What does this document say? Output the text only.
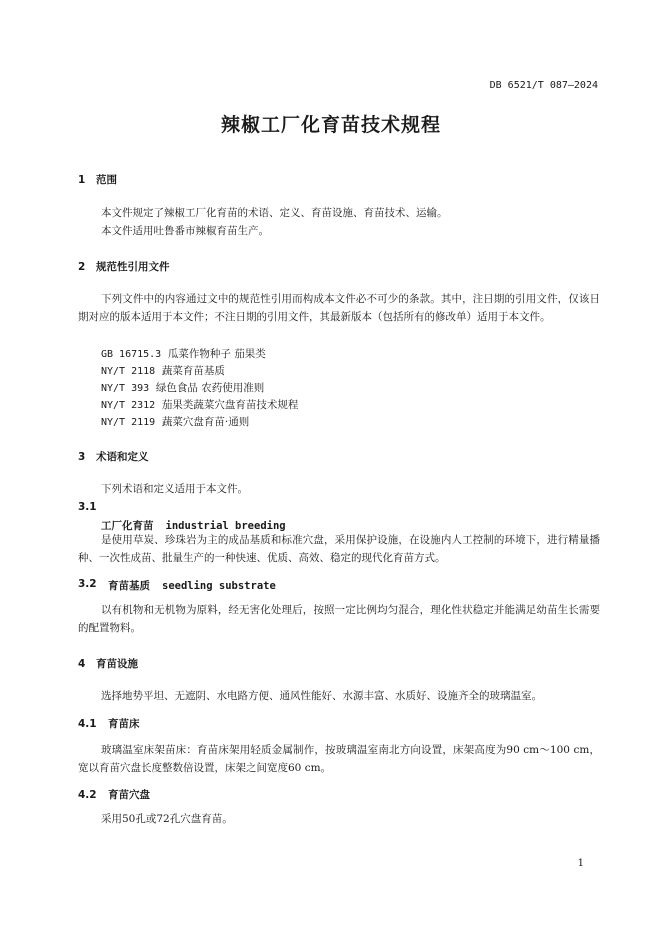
DB 6521/T 087—2024
辣椒工厂化育苗技术规程
1 范围

本文件规定了辣椒工厂化育苗的术语、定义、育苗设施、育苗技术、运输。

本文件适用吐鲁番市辣椒育苗生产。

2 规范性引用文件

下列文件中的内容通过文中的规范性引用而构成本文件必不可少的条款。其中，注日期的引用文件，仅该日期对应的版本适用于本文件；不注日期的引用文件，其最新版本（包括所有的修改单）适用于本文件。

GB 16715.3 瓜菜作物种子 茄果类
NY/T 2118 蔬菜育苗基质
NY/T 393 绿色食品 农药使用准则
NY/T 2312 茄果类蔬菜穴盘育苗技术规程
NY/T 2119 蔬菜穴盘育苗·通则
3 术语和定义

下列术语和定义适用于本文件。

3.1
工厂化育苗 industrial breeding

是使用草炭、珍珠岩为主的成品基质和标准穴盘，采用保护设施，在设施内人工控制的环境下，进行精量播种、一次性成苗、批量生产的一种快速、优质、高效、稳定的现代化育苗方式。

3.2 育苗基质 seedling substrate

以有机物和无机物为原料，经无害化处理后，按照一定比例均匀混合，理化性状稳定并能满足幼苗生长需要的配置物料。

4 育苗设施

选择地势平坦、无遮阴、水电路方便、通风性能好、水源丰富、水质好、设施齐全的玻璃温室。

4.1 育苗床

玻璃温室床架苗床：育苗床架用轻质金属制作，按玻璃温室南北方向设置，床架高度为90 cm～100 cm，宽以育苗穴盘长度整数倍设置，床架之间宽度60 cm。

4.2 育苗穴盘

采用50孔或72孔穴盘育苗。

1
